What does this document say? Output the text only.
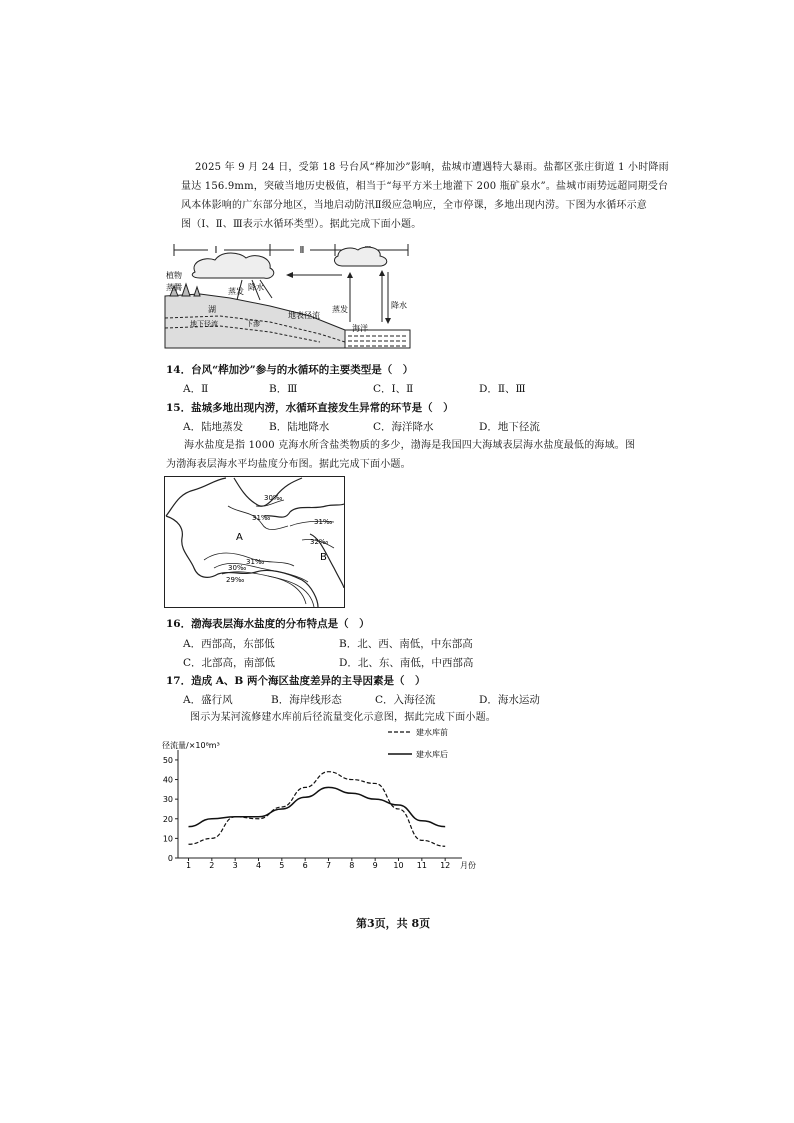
2025 年 9 月 24 日，受第 18 号台风“桦加沙”影响，盐城市遭遇特大暴雨。盐都区张庄街道 1 小时降雨
量达 156.9mm，突破当地历史极值，相当于“每平方米土地灌下 200 瓶矿泉水”。盐城市雨势远超同期受台
风本体影响的广东部分地区，当地启动防汛Ⅱ级应急响应，全市停课，多地出现内涝。下图为水循环示意
图（Ⅰ、Ⅱ、Ⅲ表示水循环类型）。据此完成下面小题。
Ⅰ	Ⅱ
植物
蒸腾
湖
蒸发 降水
地下径流	下渗
地表径流
蒸发	降水
海洋
14．台风“桦加沙”参与的水循环的主要类型是（　）
A．Ⅱ	B．Ⅲ	C．Ⅰ、Ⅱ	D．Ⅱ、Ⅲ
15．盐城多地出现内涝，水循环直接发生异常的环节是（　）
A．陆地蒸发 B．陆地降水	C．海洋降水	D．地下径流
海水盐度是指 1000 克海水所含盐类物质的多少，渤海是我国四大海域表层海水盐度最低的海域。图
为渤海表层海水平均盐度分布图。据此完成下面小题。
30‰
31‰	31‰
32‰
31‰
30‰
29‰
A
B
16．渤海表层海水盐度的分布特点是（　）
A．西部高，东部低	B．北、西、南低，中东部高
C．北部高，南部低	D．北、东、南低，中西部高
17．造成 A、B 两个海区盐度差异的主导因素是（　）
A．盛行风	B．海岸线形态	C．入海径流	D．海水运动
图示为某河流修建水库前后径流量变化示意图，据此完成下面小题。
径流量/×10⁸m³
建水库前
建水库后
0
10
20
30
40
50
1 2 3 4 5 6 7 8 9 10 11 12 月份
第3页，共 8页
